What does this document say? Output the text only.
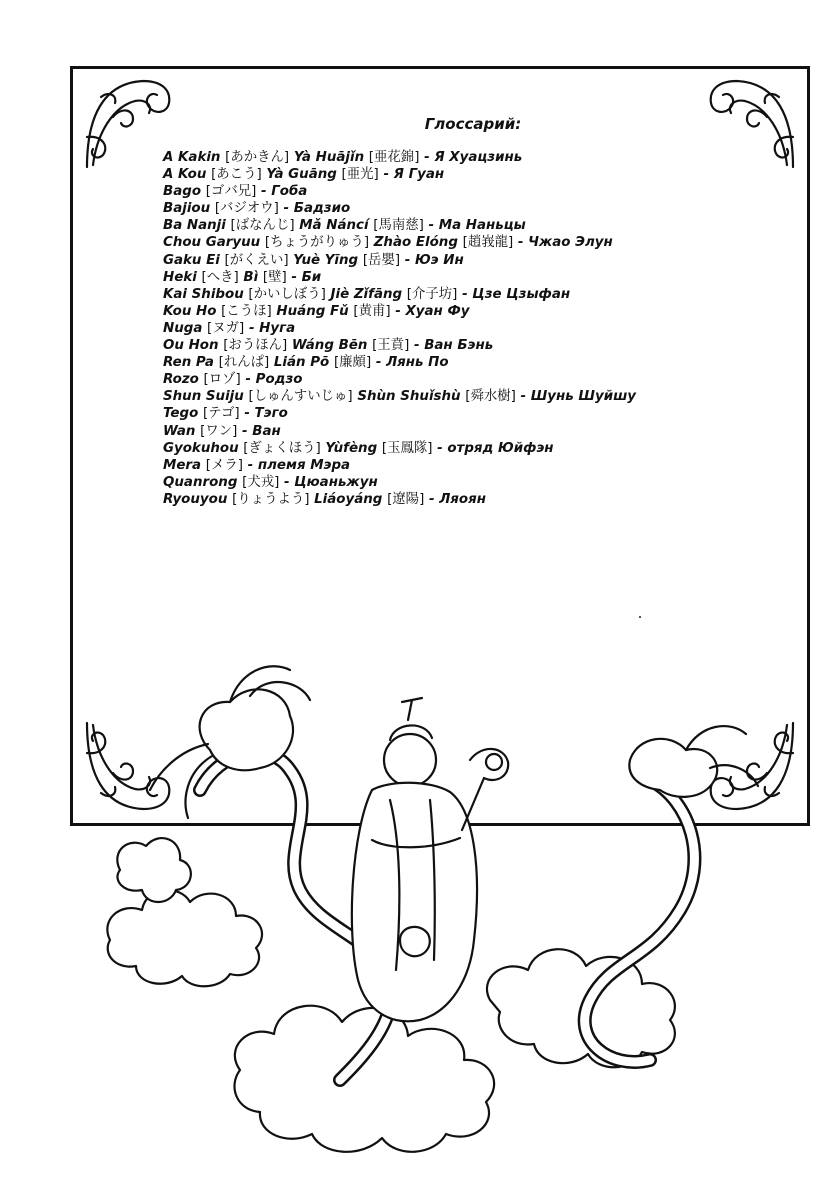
Глоссарий:
A Kakin [あかきん] Yà Huājǐn [亜花錦] - Я Хуацзинь
A Kou [あこう] Yà Guāng [亜光] - Я Гуан
Bago [ゴバ兄] - Гоба
Bajiou [バジオウ] - Бадзио
Ba Nanji [ばなんじ] Mǎ Náncí [馬南慈] - Ма Наньцы
Chou Garyuu [ちょうがりゅう] Zhào Elóng [趙峩龍] - Чжао Элун
Gaku Ei [がくえい] Yuè Yīng [岳嬰] - Юэ Ин
Heki [へき] Bì [壁] - Би
Kai Shibou [かいしぼう] Jiè Zǐfāng [介子坊] - Цзе Цзыфан
Kou Ho [こうほ] Huáng Fǔ [黄甫] - Хуан Фу
Nuga [ヌガ] - Нуга
Ou Hon [おうほん] Wáng Bēn [王賁] - Ван Бэнь
Ren Pa [れんぱ] Lián Pō [廉頗] - Лянь По
Rozo [ロゾ] - Родзо
Shun Suiju [しゅんすいじゅ] Shùn Shuǐshù [舜水樹] - Шунь Шуйшу
Tego [テゴ] - Тэго
Wan [ワン] - Ван
Gyokuhou [ぎょくほう] Yùfèng [玉鳳隊] - отряд Юйфэн
Mera [メラ] - племя Мэра
Quanrong [犬戎] - Цюаньжун
Ryouyou [りょうよう] Liáoyáng [遼陽] - Ляоян
